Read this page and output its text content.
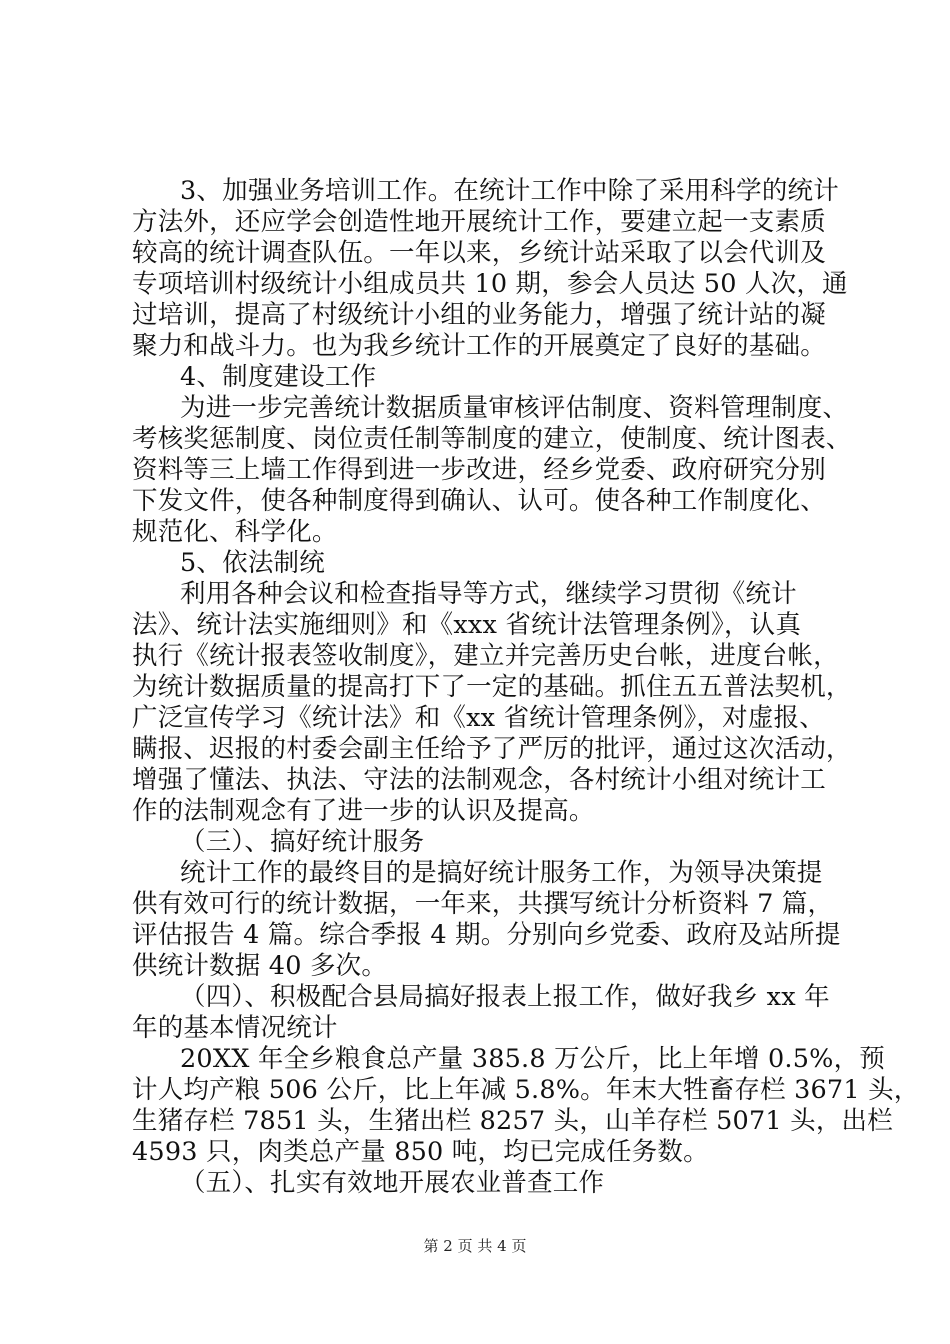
3、加强业务培训工作。在统计工作中除了采用科学的统计
方法外，还应学会创造性地开展统计工作，要建立起一支素质
较高的统计调查队伍。一年以来，乡统计站采取了以会代训及
专项培训村级统计小组成员共 10 期，参会人员达 50 人次，通
过培训，提高了村级统计小组的业务能力，增强了统计站的凝
聚力和战斗力。也为我乡统计工作的开展奠定了良好的基础。
4、制度建设工作
为进一步完善统计数据质量审核评估制度、资料管理制度、
考核奖惩制度、岗位责任制等制度的建立，使制度、统计图表、
资料等三上墙工作得到进一步改进，经乡党委、政府研究分别
下发文件，使各种制度得到确认、认可。使各种工作制度化、
规范化、科学化。
5、依法制统
利用各种会议和检查指导等方式，继续学习贯彻《统计
法》、统计法实施细则》和《xxx 省统计法管理条例》，认真
执行《统计报表签收制度》，建立并完善历史台帐，进度台帐，
为统计数据质量的提高打下了一定的基础。抓住五五普法契机，
广泛宣传学习《统计法》和《xx 省统计管理条例》，对虚报、
瞒报、迟报的村委会副主任给予了严厉的批评，通过这次活动，
增强了懂法、执法、守法的法制观念，各村统计小组对统计工
作的法制观念有了进一步的认识及提高。
（三）、搞好统计服务
统计工作的最终目的是搞好统计服务工作，为领导决策提
供有效可行的统计数据，一年来，共撰写统计分析资料 7 篇，
评估报告 4 篇。综合季报 4 期。分别向乡党委、政府及站所提
供统计数据 40 多次。
（四）、积极配合县局搞好报表上报工作，做好我乡 xx 年
年的基本情况统计
20XX 年全乡粮食总产量 385.8 万公斤，比上年增 0.5%，预
计人均产粮 506 公斤，比上年减 5.8%。年末大牲畜存栏 3671 头，
生猪存栏 7851 头，生猪出栏 8257 头，山羊存栏 5071 头，出栏
4593 只，肉类总产量 850 吨，均已完成任务数。
（五）、扎实有效地开展农业普查工作
第 2 页 共 4 页
